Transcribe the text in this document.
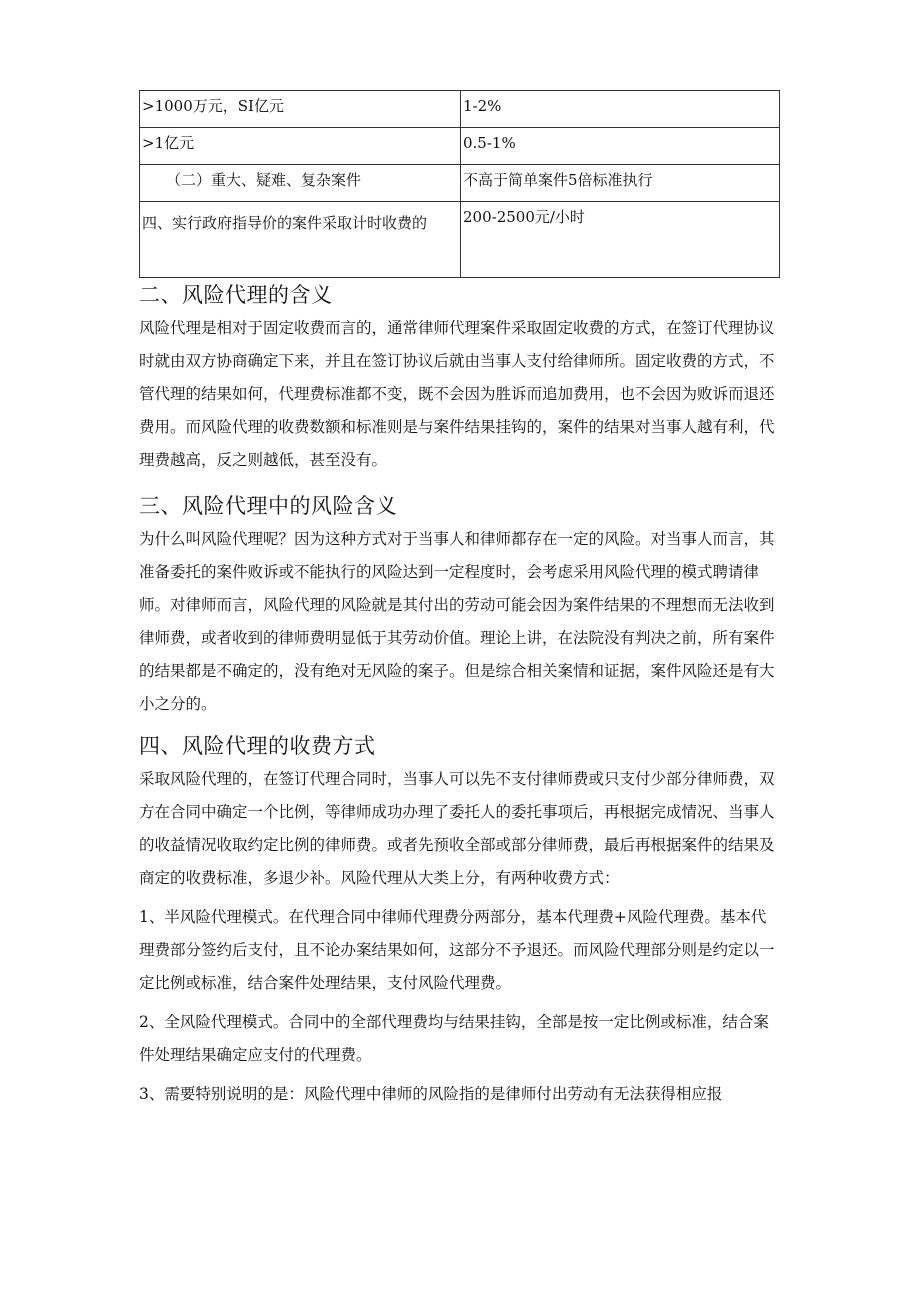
>1000万元，SI亿元	1-2%
>1亿元	0.5-1%
（二）重大、疑难、复杂案件	不高于简单案件5倍标准执行
四、实行政府指导价的案件采取计时收费的	200-2500元/小时
二、风险代理的含义

风险代理是相对于固定收费而言的，通常律师代理案件采取固定收费的方式，在签订代理协议时就由双方协商确定下来，并且在签订协议后就由当事人支付给律师所。固定收费的方式，不管代理的结果如何，代理费标准都不变，既不会因为胜诉而追加费用，也不会因为败诉而退还费用。而风险代理的收费数额和标准则是与案件结果挂钩的，案件的结果对当事人越有利，代理费越高，反之则越低，甚至没有。

三、风险代理中的风险含义

为什么叫风险代理呢？因为这种方式对于当事人和律师都存在一定的风险。对当事人而言，其准备委托的案件败诉或不能执行的风险达到一定程度时，会考虑采用风险代理的模式聘请律师。对律师而言，风险代理的风险就是其付出的劳动可能会因为案件结果的不理想而无法收到律师费，或者收到的律师费明显低于其劳动价值。理论上讲，在法院没有判决之前，所有案件的结果都是不确定的，没有绝对无风险的案子。但是综合相关案情和证据，案件风险还是有大小之分的。

四、风险代理的收费方式

采取风险代理的，在签订代理合同时，当事人可以先不支付律师费或只支付少部分律师费，双方在合同中确定一个比例，等律师成功办理了委托人的委托事项后，再根据完成情况、当事人的收益情况收取约定比例的律师费。或者先预收全部或部分律师费，最后再根据案件的结果及商定的收费标准，多退少补。风险代理从大类上分，有两种收费方式：

1、半风险代理模式。在代理合同中律师代理费分两部分，基本代理费+风险代理费。基本代理费部分签约后支付，且不论办案结果如何，这部分不予退还。而风险代理部分则是约定以一定比例或标准，结合案件处理结果，支付风险代理费。

2、全风险代理模式。合同中的全部代理费均与结果挂钩，全部是按一定比例或标准，结合案件处理结果确定应支付的代理费。

3、需要特别说明的是：风险代理中律师的风险指的是律师付出劳动有无法获得相应报
